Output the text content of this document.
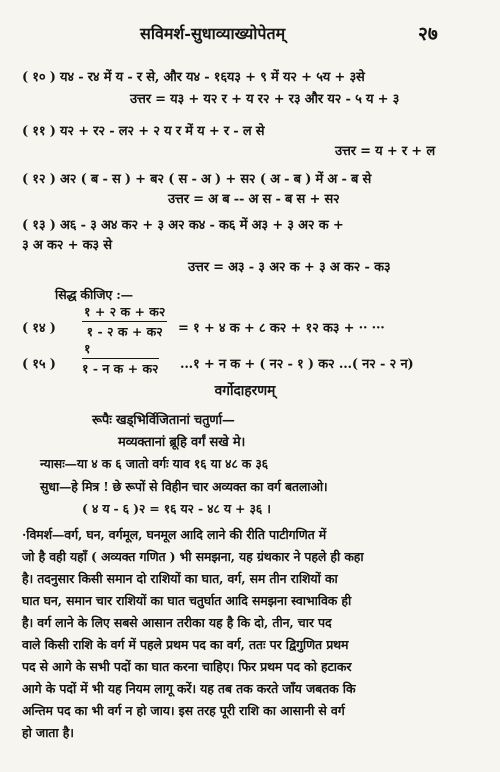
सविमर्श-सुधाव्याख्योपेतम्	२७
( १० ) य४ - र४ में य - र से, और य४ - १६य३ + ९ में य२ + ५य + ३से
उत्तर = य३ + य२ र + य र२ + र३ और य२ - ५ य + ३
( ११ ) य२ + र२ - ल२ + २ य र में य + र - ल से
उत्तर = य + र + ल
( १२ ) अ२ ( ब - स ) + ब२ ( स - अ ) + स२ ( अ - ब ) में अ - ब से
उत्तर = अ ब -- अ स - ब स + स२
( १३ ) अ६ - ३ अ४ क२ + ३ अ२ क४ - क६ में अ३ + ३ अ२ क +
३ अ क२ + क३ से
उत्तर = अ३ - ३ अ२ क + ३ अ क२ - क३
सिद्ध कीजिए :—
( १४ )
१ + २ क + क२
१ - २ क + क२	= १ + ४ क + ८ क२ + १२ क३ + ·· ···
( १५ )
१
१ - न क + क२ ...१ + न क + ( न२ - १ ) क२ ...( न२ - २ न)
वर्गोदाहरणम्
रूपैः खड्भिर्विजितानां चतुर्णा—
मव्यक्तानां ब्रूहि वर्गं सखे मे।
न्यासः—या ४ क ६ जातो वर्गः याव १६ या ४८ क ३६
सुधा—हे मित्र ! छे रूपों से विहीन चार अव्यक्त का वर्ग बतलाओ।
( ४ य - ६ )२ = १६ य२ - ४८ य + ३६ ।
·विमर्श—वर्ग, घन, वर्गमूल, घनमूल आदि लाने की रीति पाटीगणित में
जो है वही यहाँ ( अव्यक्त गणित ) भी समझना, यह ग्रंथकार ने पहले ही कहा
है। तदनुसार किसी समान दो राशियों का घात, वर्ग, सम तीन राशियों का
घात घन, समान चार राशियों का घात चतुर्घात आदि समझना स्वाभाविक ही
है। वर्ग लाने के लिए सबसे आसान तरीका यह है कि दो, तीन, चार पद
वाले किसी राशि के वर्ग में पहले प्रथम पद का वर्ग, ततः पर द्विगुणित प्रथम
पद से आगे के सभी पदों का घात करना चाहिए। फिर प्रथम पद को हटाकर
आगे के पदों में भी यह नियम लागू करें। यह तब तक करते जाँय जबतक कि
अन्तिम पद का भी वर्ग न हो जाय। इस तरह पूरी राशि का आसानी से वर्ग
हो जाता है।
